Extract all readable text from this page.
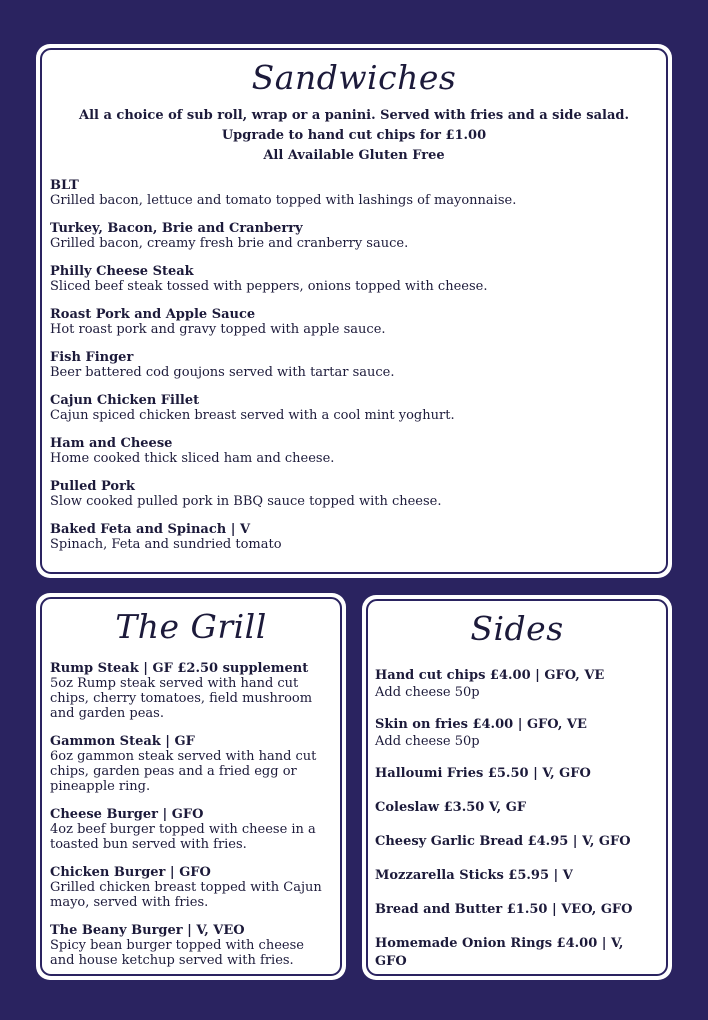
Sandwiches
All a choice of sub roll, wrap or a panini. Served with fries and a side salad.
Upgrade to hand cut chips for £1.00
All Available Gluten Free
BLT
Grilled bacon, lettuce and tomato topped with lashings of mayonnaise.
Turkey, Bacon, Brie and Cranberry
Grilled bacon, creamy fresh brie and cranberry sauce.
Philly Cheese Steak
Sliced beef steak tossed with peppers, onions topped with cheese.
Roast Pork and Apple Sauce
Hot roast pork and gravy topped with apple sauce.
Fish Finger
Beer battered cod goujons served with tartar sauce.
Cajun Chicken Fillet
Cajun spiced chicken breast served with a cool mint yoghurt.
Ham and Cheese
Home cooked thick sliced ham and cheese.
Pulled Pork
Slow cooked pulled pork in BBQ sauce topped with cheese.
Baked Feta and Spinach | V
Spinach, Feta and sundried tomato
The Grill
Rump Steak | GF £2.50 supplement
5oz Rump steak served with hand cut chips, cherry tomatoes, field mushroom and garden peas.
Gammon Steak | GF
6oz gammon steak served with hand cut chips, garden peas and a fried egg or pineapple ring.
Cheese Burger | GFO
4oz beef burger topped with cheese in a toasted bun served with fries.
Chicken Burger | GFO
Grilled chicken breast topped with Cajun mayo, served with fries.
The Beany Burger | V, VEO
Spicy bean burger topped with cheese and house ketchup served with fries.
Sides
Hand cut chips £4.00 | GFO, VE
Add cheese 50p
Skin on fries £4.00 | GFO, VE
Add cheese 50p
Halloumi Fries £5.50 | V, GFO
Coleslaw £3.50 V, GF
Cheesy Garlic Bread £4.95 | V, GFO
Mozzarella Sticks £5.95 | V
Bread and Butter £1.50 | VEO, GFO
Homemade Onion Rings £4.00 | V, GFO
